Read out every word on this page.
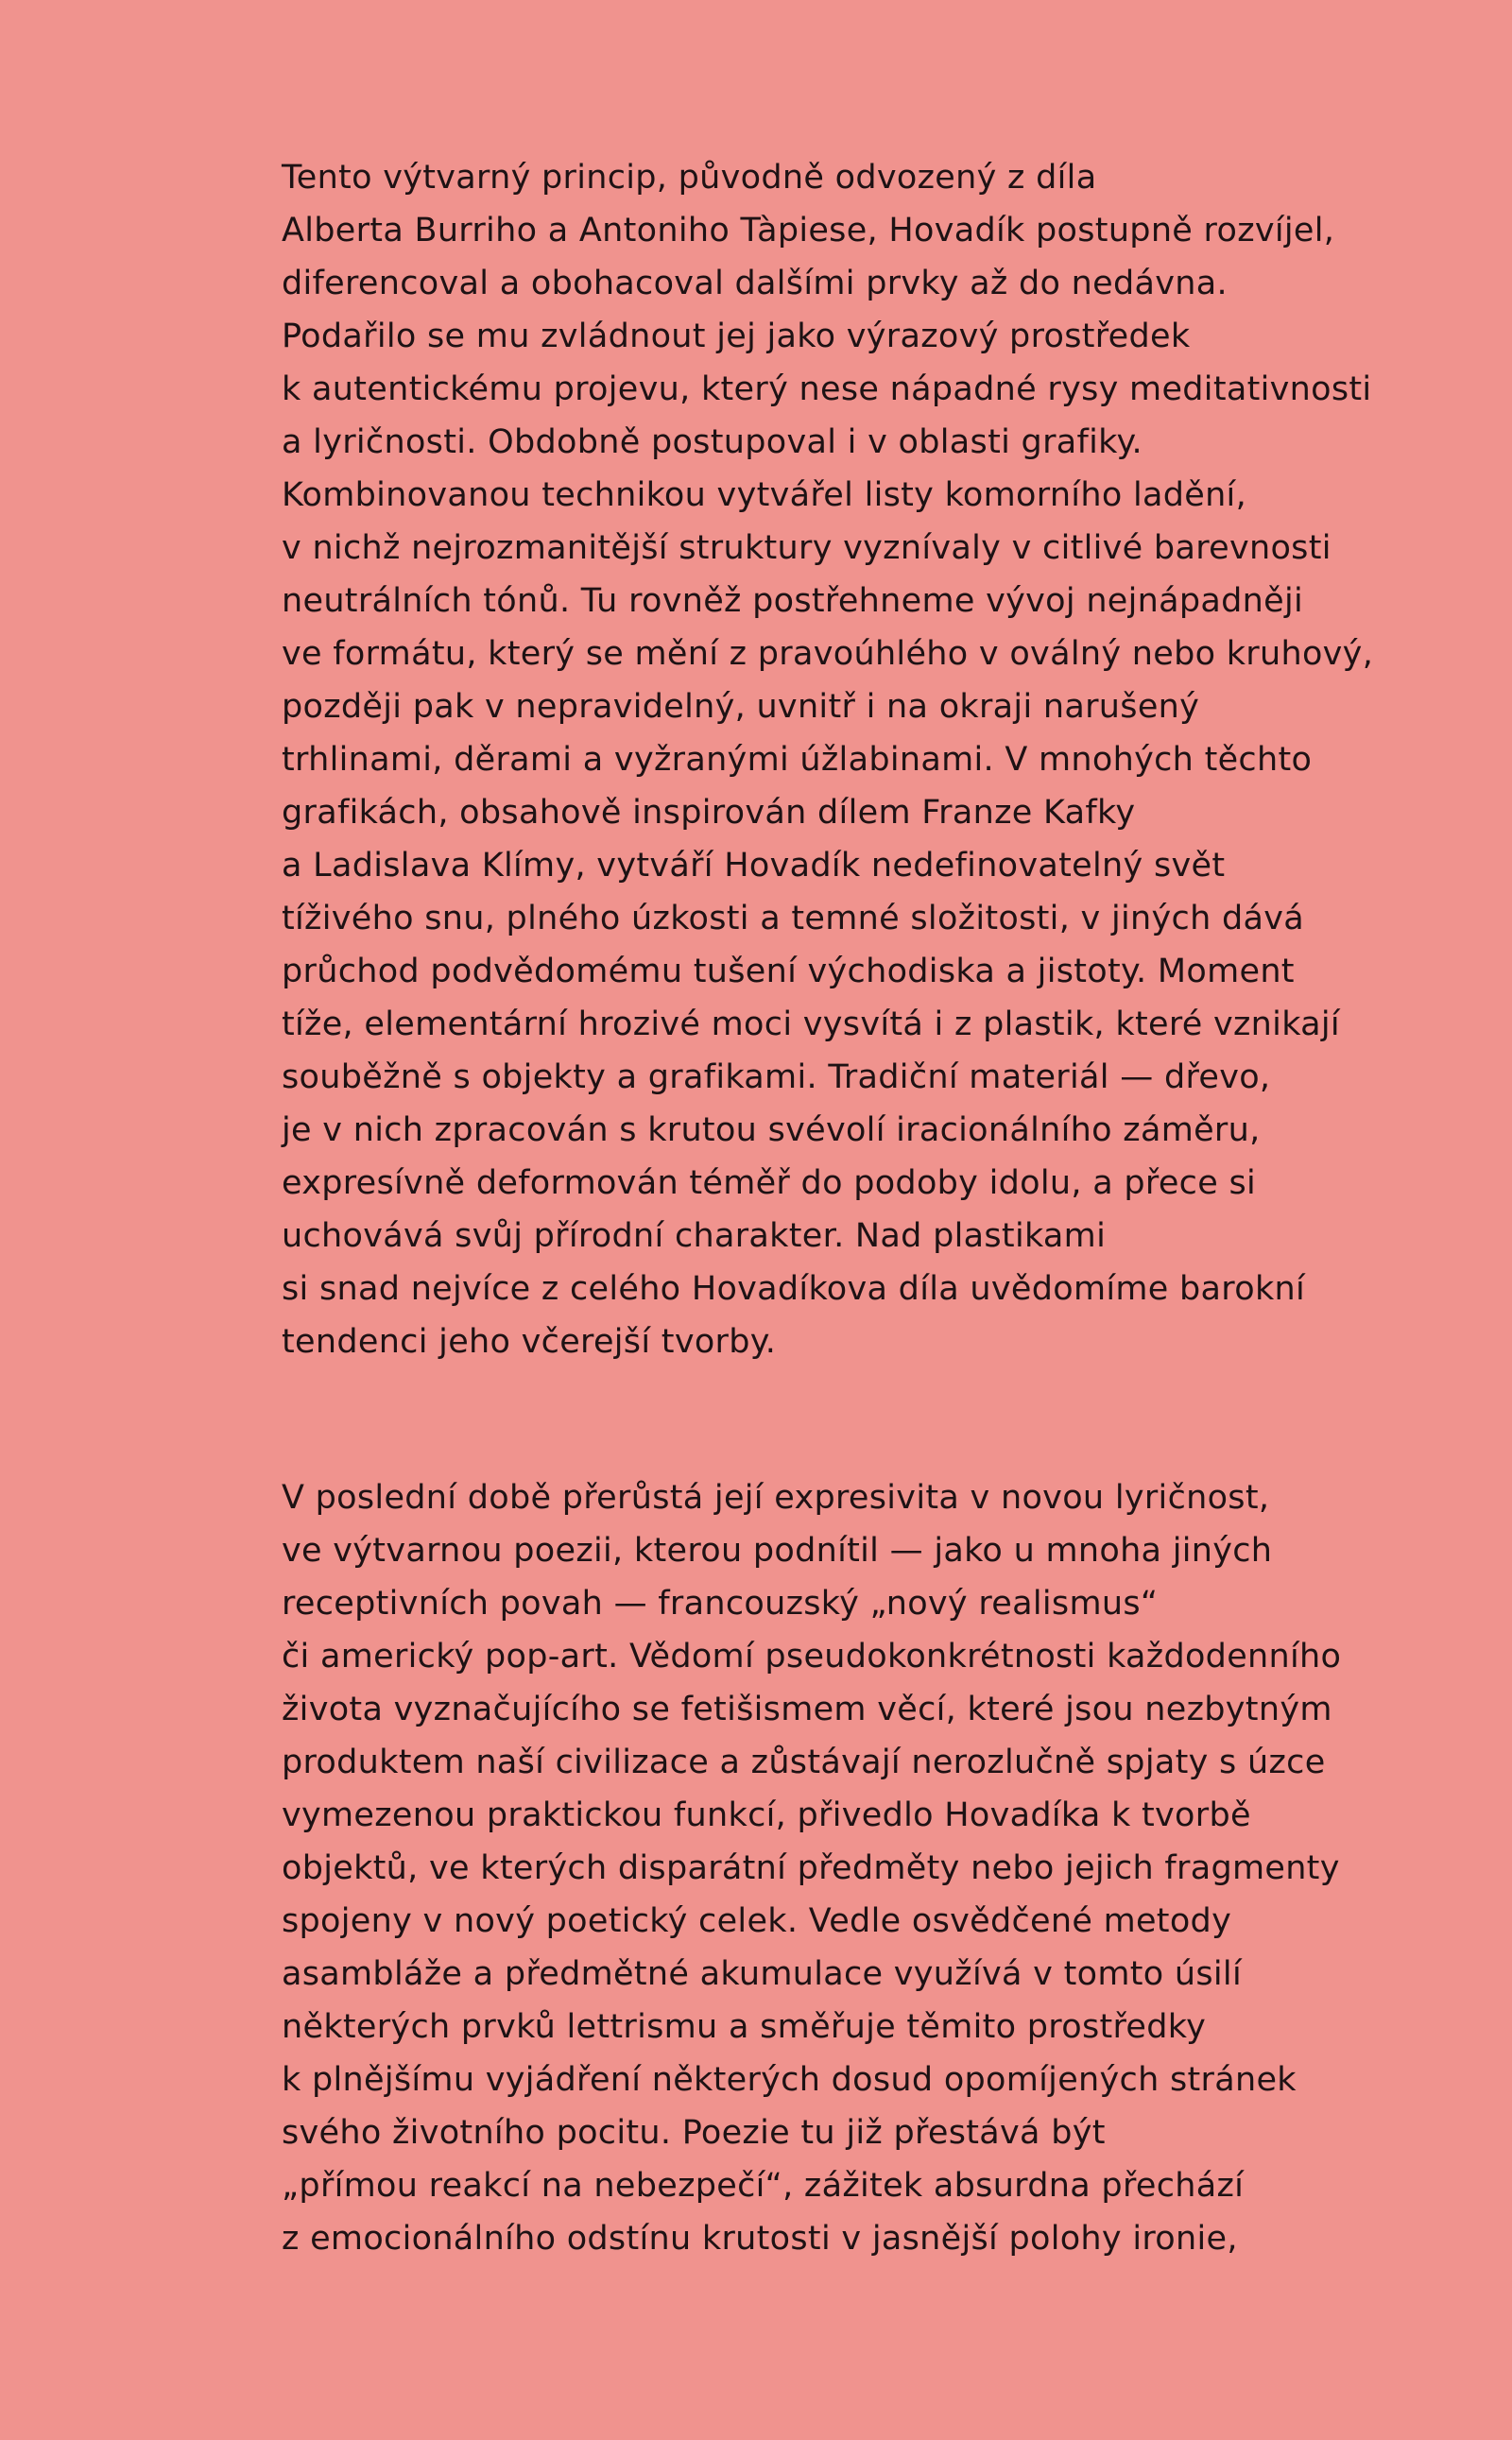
Tento výtvarný princip, původně odvozený z díla
Alberta Burriho a Antoniho Tàpiese, Hovadík postupně rozvíjel,
diferencoval a obohacoval dalšími prvky až do nedávna.
Podařilo se mu zvládnout jej jako výrazový prostředek
k autentickému projevu, který nese nápadné rysy meditativnosti
a lyričnosti. Obdobně postupoval i v oblasti grafiky.
Kombinovanou technikou vytvářel listy komorního ladění,
v nichž nejrozmanitější struktury vyznívaly v citlivé barevnosti
neutrálních tónů. Tu rovněž postřehneme vývoj nejnápadněji
ve formátu, který se mění z pravoúhlého v oválný nebo kruhový,
později pak v nepravidelný, uvnitř i na okraji narušený
trhlinami, děrami a vyžranými úžlabinami. V mnohých těchto
grafikách, obsahově inspirován dílem Franze Kafky
a Ladislava Klímy, vytváří Hovadík nedefinovatelný svět
tíživého snu, plného úzkosti a temné složitosti, v jiných dává
průchod podvědomému tušení východiska a jistoty. Moment
tíže, elementární hrozivé moci vysvítá i z plastik, které vznikají
souběžně s objekty a grafikami. Tradiční materiál — dřevo,
je v nich zpracován s krutou svévolí iracionálního záměru,
expresívně deformován téměř do podoby idolu, a přece si
uchovává svůj přírodní charakter. Nad plastikami
si snad nejvíce z celého Hovadíkova díla uvědomíme barokní
tendenci jeho včerejší tvorby.

V poslední době přerůstá její expresivita v novou lyričnost,
ve výtvarnou poezii, kterou podnítil — jako u mnoha jiných
receptivních povah — francouzský „nový realismus“
či americký pop-art. Vědomí pseudokonkrétnosti každodenního
života vyznačujícího se fetišismem věcí, které jsou nezbytným
produktem naší civilizace a zůstávají nerozlučně spjaty s úzce
vymezenou praktickou funkcí, přivedlo Hovadíka k tvorbě
objektů, ve kterých disparátní předměty nebo jejich fragmenty
spojeny v nový poetický celek. Vedle osvědčené metody
asambláže a předmětné akumulace využívá v tomto úsilí
některých prvků lettrismu a směřuje těmito prostředky
k plnějšímu vyjádření některých dosud opomíjených stránek
svého životního pocitu. Poezie tu již přestává být
„přímou reakcí na nebezpečí“, zážitek absurdna přechází
z emocionálního odstínu krutosti v jasnější polohy ironie,
